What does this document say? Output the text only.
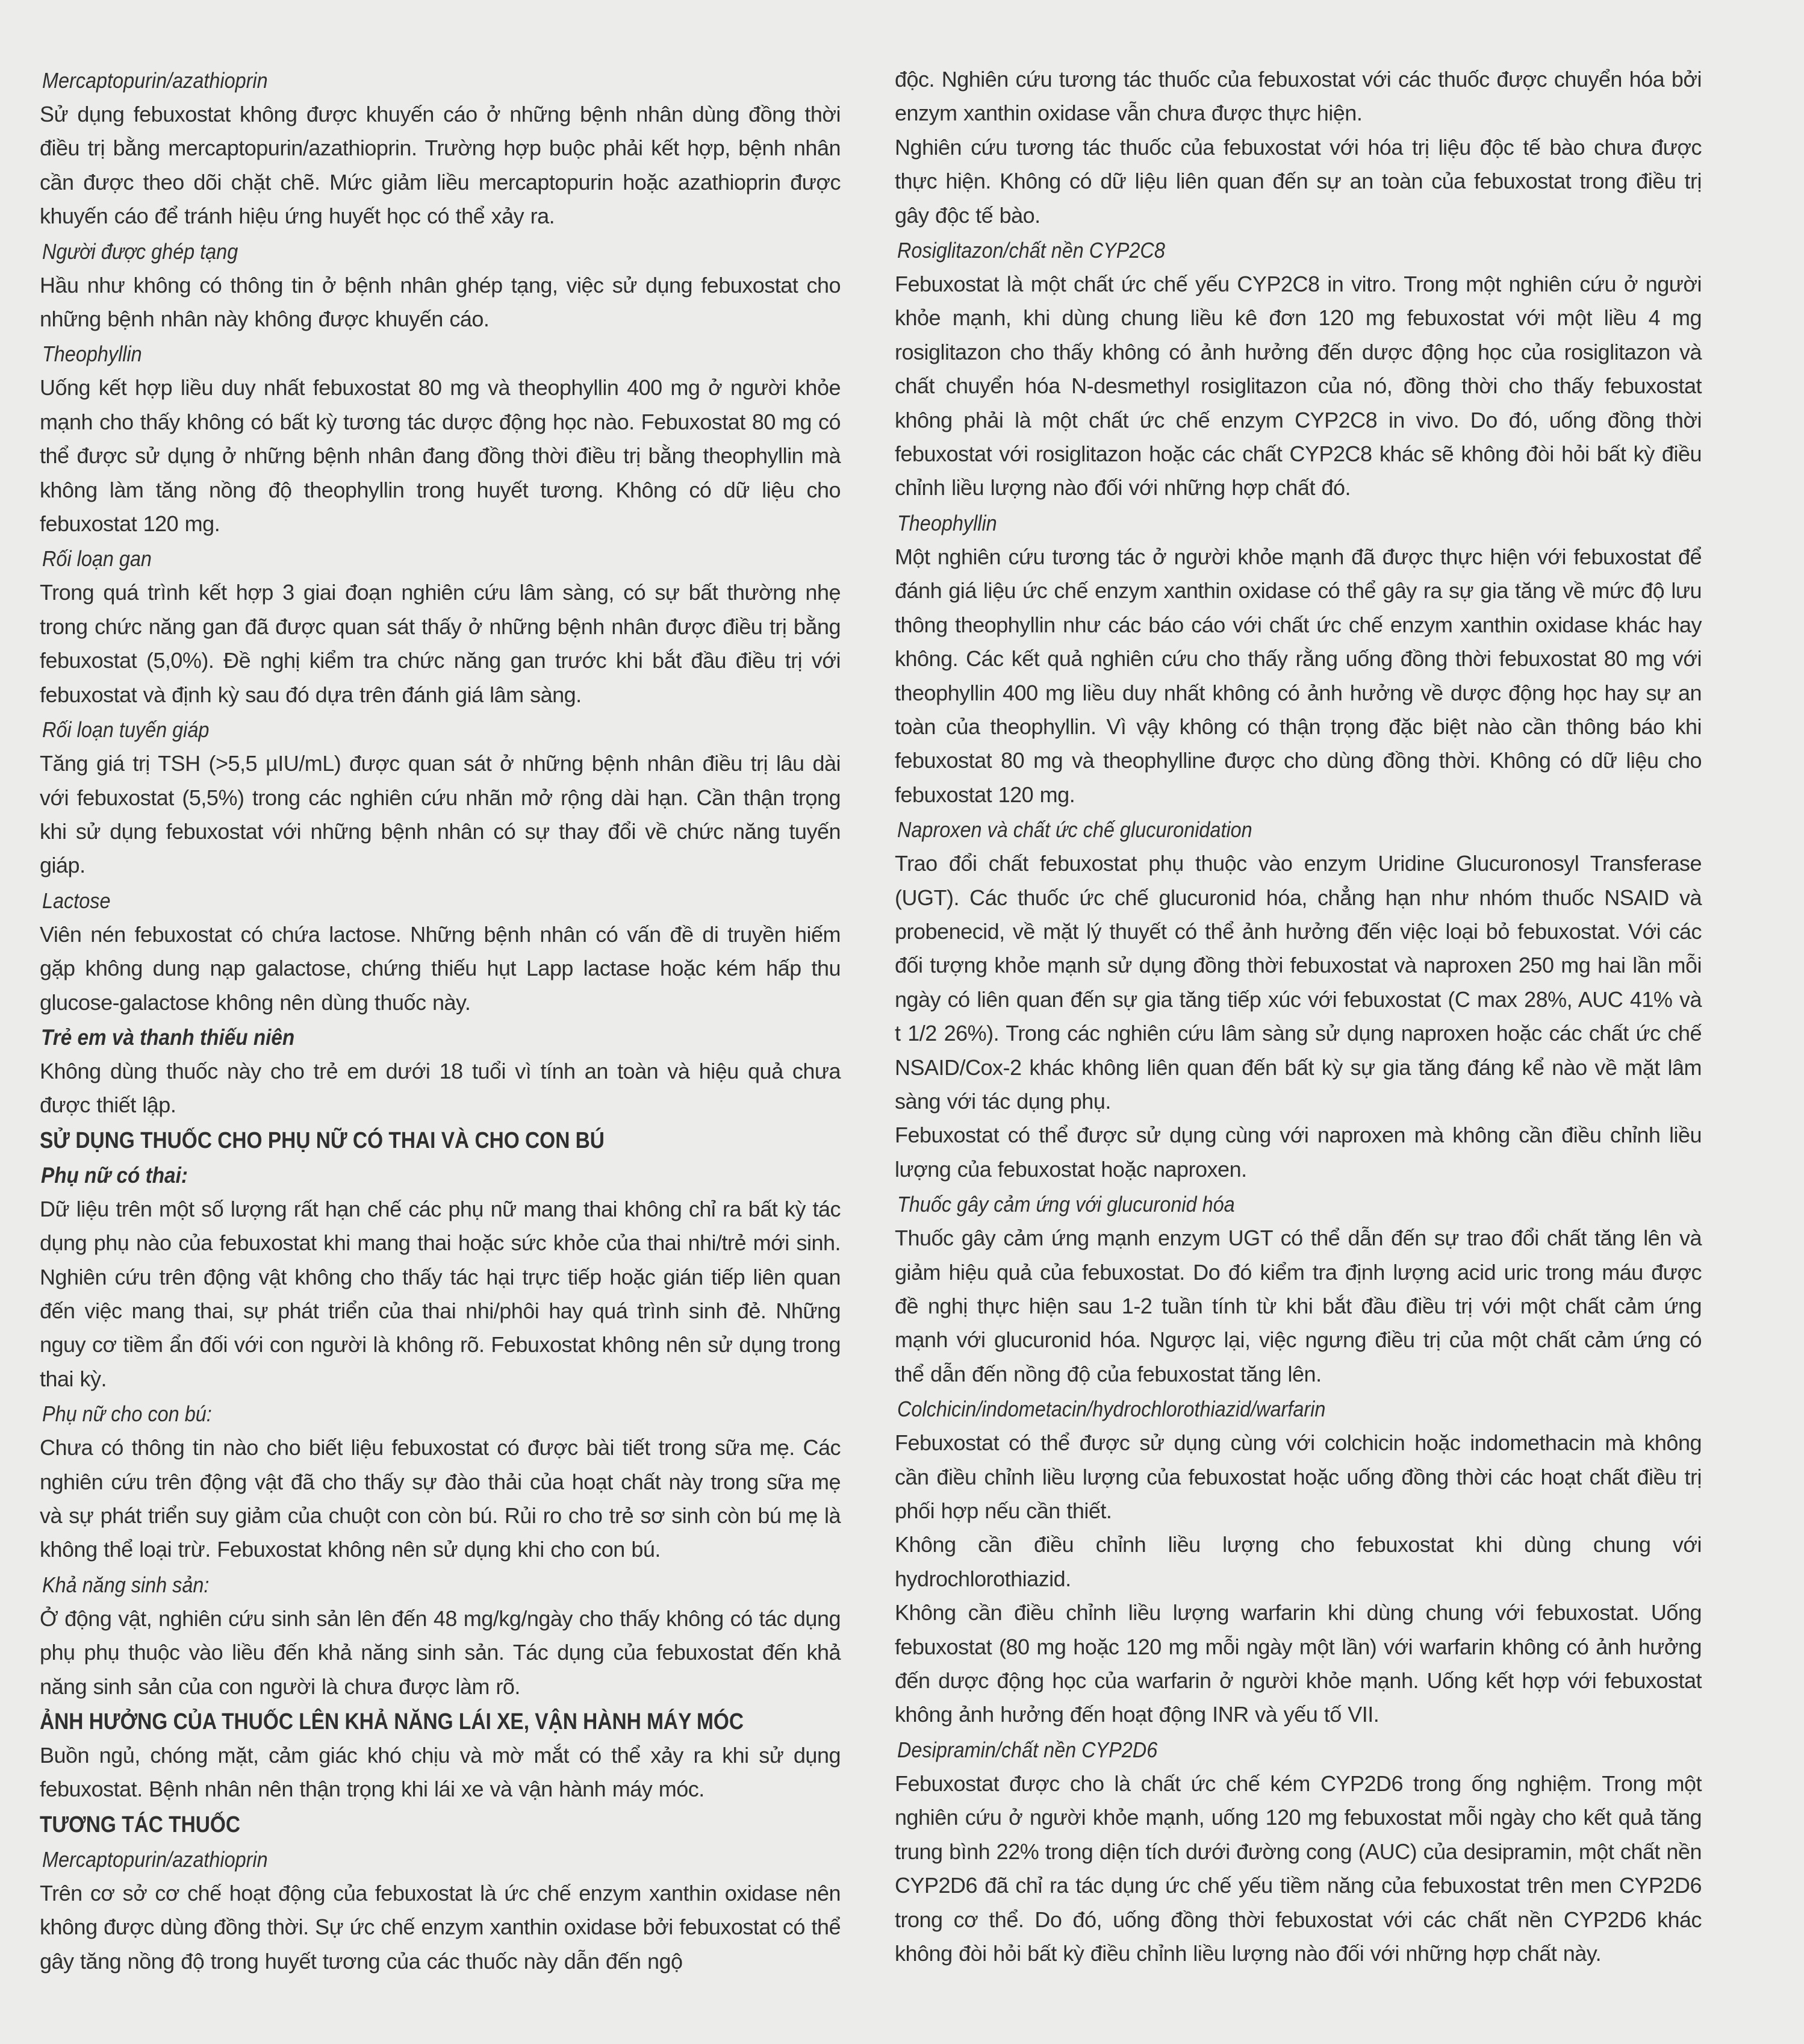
Mercaptopurin/azathioprin

Sử dụng febuxostat không được khuyến cáo ở những bệnh nhân dùng đồng thời điều trị bằng mercaptopurin/azathioprin. Trường hợp buộc phải kết hợp, bệnh nhân cần được theo dõi chặt chẽ. Mức giảm liều mercaptopurin hoặc azathioprin được khuyến cáo để tránh hiệu ứng huyết học có thể xảy ra.

Người được ghép tạng

Hầu như không có thông tin ở bệnh nhân ghép tạng, việc sử dụng febuxostat cho những bệnh nhân này không được khuyến cáo.

Theophyllin

Uống kết hợp liều duy nhất febuxostat 80 mg và theophyllin 400 mg ở người khỏe mạnh cho thấy không có bất kỳ tương tác dược động học nào. Febuxostat 80 mg có thể được sử dụng ở những bệnh nhân đang đồng thời điều trị bằng theophyllin mà không làm tăng nồng độ theophyllin trong huyết tương. Không có dữ liệu cho febuxostat 120 mg.

Rối loạn gan

Trong quá trình kết hợp 3 giai đoạn nghiên cứu lâm sàng, có sự bất thường nhẹ trong chức năng gan đã được quan sát thấy ở những bệnh nhân được điều trị bằng febuxostat (5,0%). Đề nghị kiểm tra chức năng gan trước khi bắt đầu điều trị với febuxostat và định kỳ sau đó dựa trên đánh giá lâm sàng.

Rối loạn tuyến giáp

Tăng giá trị TSH (>5,5 µIU/mL) được quan sát ở những bệnh nhân điều trị lâu dài với febuxostat (5,5%) trong các nghiên cứu nhãn mở rộng dài hạn. Cần thận trọng khi sử dụng febuxostat với những bệnh nhân có sự thay đổi về chức năng tuyến giáp.

Lactose

Viên nén febuxostat có chứa lactose. Những bệnh nhân có vấn đề di truyền hiếm gặp không dung nạp galactose, chứng thiếu hụt Lapp lactase hoặc kém hấp thu glucose-galactose không nên dùng thuốc này.

Trẻ em và thanh thiếu niên

Không dùng thuốc này cho trẻ em dưới 18 tuổi vì tính an toàn và hiệu quả chưa được thiết lập.

SỬ DỤNG THUỐC CHO PHỤ NỮ CÓ THAI VÀ CHO CON BÚ
Phụ nữ có thai:

Dữ liệu trên một số lượng rất hạn chế các phụ nữ mang thai không chỉ ra bất kỳ tác dụng phụ nào của febuxostat khi mang thai hoặc sức khỏe của thai nhi/trẻ mới sinh. Nghiên cứu trên động vật không cho thấy tác hại trực tiếp hoặc gián tiếp liên quan đến việc mang thai, sự phát triển của thai nhi/phôi hay quá trình sinh đẻ. Những nguy cơ tiềm ẩn đối với con người là không rõ. Febuxostat không nên sử dụng trong thai kỳ.

Phụ nữ cho con bú:

Chưa có thông tin nào cho biết liệu febuxostat có được bài tiết trong sữa mẹ. Các nghiên cứu trên động vật đã cho thấy sự đào thải của hoạt chất này trong sữa mẹ và sự phát triển suy giảm của chuột con còn bú. Rủi ro cho trẻ sơ sinh còn bú mẹ là không thể loại trừ. Febuxostat không nên sử dụng khi cho con bú.

Khả năng sinh sản:

Ở động vật, nghiên cứu sinh sản lên đến 48 mg/kg/ngày cho thấy không có tác dụng phụ phụ thuộc vào liều đến khả năng sinh sản. Tác dụng của febuxostat đến khả năng sinh sản của con người là chưa được làm rõ.

ẢNH HƯỞNG CỦA THUỐC LÊN KHẢ NĂNG LÁI XE, VẬN HÀNH MÁY MÓC

Buồn ngủ, chóng mặt, cảm giác khó chịu và mờ mắt có thể xảy ra khi sử dụng febuxostat. Bệnh nhân nên thận trọng khi lái xe và vận hành máy móc.

TƯƠNG TÁC THUỐC
Mercaptopurin/azathioprin

Trên cơ sở cơ chế hoạt động của febuxostat là ức chế enzym xanthin oxidase nên không được dùng đồng thời. Sự ức chế enzym xanthin oxidase bởi febuxostat có thể gây tăng nồng độ trong huyết tương của các thuốc này dẫn đến ngộ

độc. Nghiên cứu tương tác thuốc của febuxostat với các thuốc được chuyển hóa bởi enzym xanthin oxidase vẫn chưa được thực hiện.

Nghiên cứu tương tác thuốc của febuxostat với hóa trị liệu độc tế bào chưa được thực hiện. Không có dữ liệu liên quan đến sự an toàn của febuxostat trong điều trị gây độc tế bào.

Rosiglitazon/chất nền CYP2C8

Febuxostat là một chất ức chế yếu CYP2C8 in vitro. Trong một nghiên cứu ở người khỏe mạnh, khi dùng chung liều kê đơn 120 mg febuxostat với một liều 4 mg rosiglitazon cho thấy không có ảnh hưởng đến dược động học của rosiglitazon và chất chuyển hóa N-desmethyl rosiglitazon của nó, đồng thời cho thấy febuxostat không phải là một chất ức chế enzym CYP2C8 in vivo. Do đó, uống đồng thời febuxostat với rosiglitazon hoặc các chất CYP2C8 khác sẽ không đòi hỏi bất kỳ điều chỉnh liều lượng nào đối với những hợp chất đó.

Theophyllin

Một nghiên cứu tương tác ở người khỏe mạnh đã được thực hiện với febuxostat để đánh giá liệu ức chế enzym xanthin oxidase có thể gây ra sự gia tăng về mức độ lưu thông theophyllin như các báo cáo với chất ức chế enzym xanthin oxidase khác hay không. Các kết quả nghiên cứu cho thấy rằng uống đồng thời febuxostat 80 mg với theophyllin 400 mg liều duy nhất không có ảnh hưởng về dược động học hay sự an toàn của theophyllin. Vì vậy không có thận trọng đặc biệt nào cần thông báo khi febuxostat 80 mg và theophylline được cho dùng đồng thời. Không có dữ liệu cho febuxostat 120 mg.

Naproxen và chất ức chế glucuronidation

Trao đổi chất febuxostat phụ thuộc vào enzym Uridine Glucuronosyl Transferase (UGT). Các thuốc ức chế glucuronid hóa, chẳng hạn như nhóm thuốc NSAID và probenecid, về mặt lý thuyết có thể ảnh hưởng đến việc loại bỏ febuxostat. Với các đối tượng khỏe mạnh sử dụng đồng thời febuxostat và naproxen 250 mg hai lần mỗi ngày có liên quan đến sự gia tăng tiếp xúc với febuxostat (C max 28%, AUC 41% và t 1/2 26%). Trong các nghiên cứu lâm sàng sử dụng naproxen hoặc các chất ức chế NSAID/Cox-2 khác không liên quan đến bất kỳ sự gia tăng đáng kể nào về mặt lâm sàng với tác dụng phụ.

Febuxostat có thể được sử dụng cùng với naproxen mà không cần điều chỉnh liều lượng của febuxostat hoặc naproxen.

Thuốc gây cảm ứng với glucuronid hóa

Thuốc gây cảm ứng mạnh enzym UGT có thể dẫn đến sự trao đổi chất tăng lên và giảm hiệu quả của febuxostat. Do đó kiểm tra định lượng acid uric trong máu được đề nghị thực hiện sau 1-2 tuần tính từ khi bắt đầu điều trị với một chất cảm ứng mạnh với glucuronid hóa. Ngược lại, việc ngưng điều trị của một chất cảm ứng có thể dẫn đến nồng độ của febuxostat tăng lên.

Colchicin/indometacin/hydrochlorothiazid/warfarin

Febuxostat có thể được sử dụng cùng với colchicin hoặc indomethacin mà không cần điều chỉnh liều lượng của febuxostat hoặc uống đồng thời các hoạt chất điều trị phối hợp nếu cần thiết.

Không cần điều chỉnh liều lượng cho febuxostat khi dùng chung với hydrochlorothiazid.

Không cần điều chỉnh liều lượng warfarin khi dùng chung với febuxostat. Uống febuxostat (80 mg hoặc 120 mg mỗi ngày một lần) với warfarin không có ảnh hưởng đến dược động học của warfarin ở người khỏe mạnh. Uống kết hợp với febuxostat không ảnh hưởng đến hoạt động INR và yếu tố VII.

Desipramin/chất nền CYP2D6

Febuxostat được cho là chất ức chế kém CYP2D6 trong ống nghiệm. Trong một nghiên cứu ở người khỏe mạnh, uống 120 mg febuxostat mỗi ngày cho kết quả tăng trung bình 22% trong diện tích dưới đường cong (AUC) của desipramin, một chất nền CYP2D6 đã chỉ ra tác dụng ức chế yếu tiềm năng của febuxostat trên men CYP2D6 trong cơ thể. Do đó, uống đồng thời febuxostat với các chất nền CYP2D6 khác không đòi hỏi bất kỳ điều chỉnh liều lượng nào đối với những hợp chất này.
